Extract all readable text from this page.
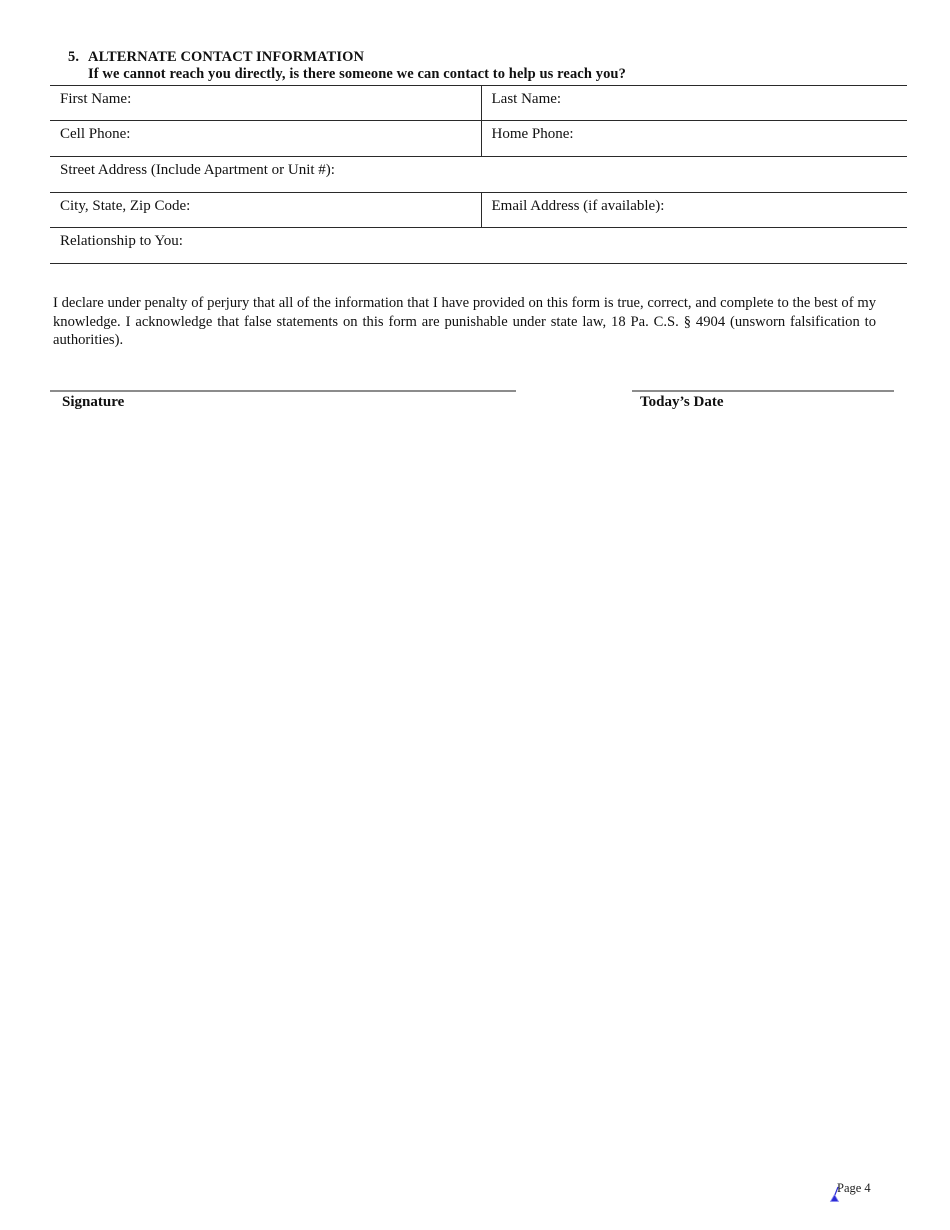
5. ALTERNATE CONTACT INFORMATION
If we cannot reach you directly, is there someone we can contact to help us reach you?
First Name:	Last Name:
Cell Phone:	Home Phone:
Street Address (Include Apartment or Unit #):	
City, State, Zip Code:	Email Address (if available):
Relationship to You:	

I declare under penalty of perjury that all of the information that I have provided on this form is true, correct, and complete to the best of my knowledge. I acknowledge that false statements on this form are punishable under state law, 18 Pa. C.S. § 4904 (unsworn falsification to authorities).

Signature	Today’s Date
Page 4
